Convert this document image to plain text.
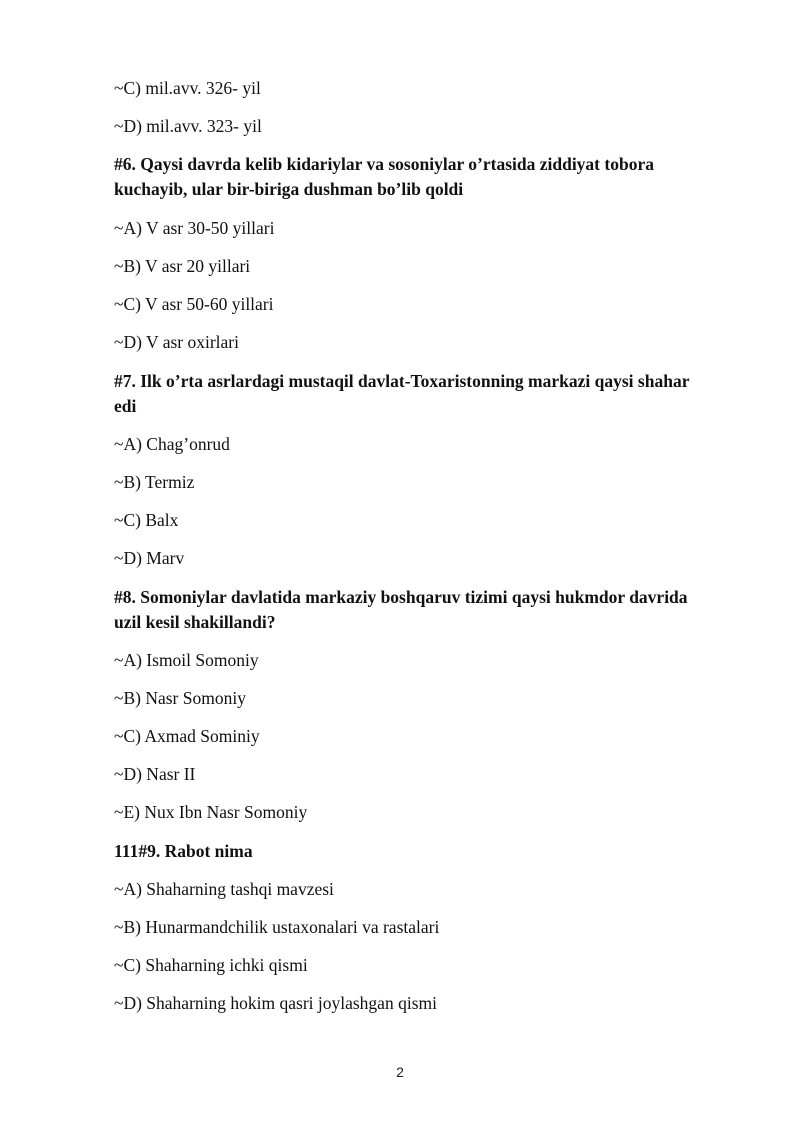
~C) mil.avv. 326- yil
~D) mil.avv. 323- yil
#6. Qaysi davrda kelib kidariylar va sosoniylar o’rtasida ziddiyat tobora kuchayib, ular bir-biriga dushman bo’lib qoldi
~A) V asr 30-50 yillari
~B) V asr 20 yillari
~C) V asr 50-60 yillari
~D) V asr oxirlari
#7. Ilk o’rta asrlardagi mustaqil davlat-Toxaristonning markazi qaysi shahar edi
~A) Chag’onrud
~B) Termiz
~C) Balx
~D) Marv
#8. Somoniylar davlatida markaziy boshqaruv tizimi qaysi hukmdor davrida uzil kesil shakillandi?
~A) Ismoil Somoniy
~B) Nasr Somoniy
~C) Axmad Sominiy
~D) Nasr II
~E) Nux Ibn Nasr Somoniy
111#9. Rabot nima
~A) Shaharning tashqi mavzesi
~B) Hunarmandchilik ustaxonalari va rastalari
~C) Shaharning ichki qismi
~D) Shaharning hokim qasri joylashgan qismi
2
